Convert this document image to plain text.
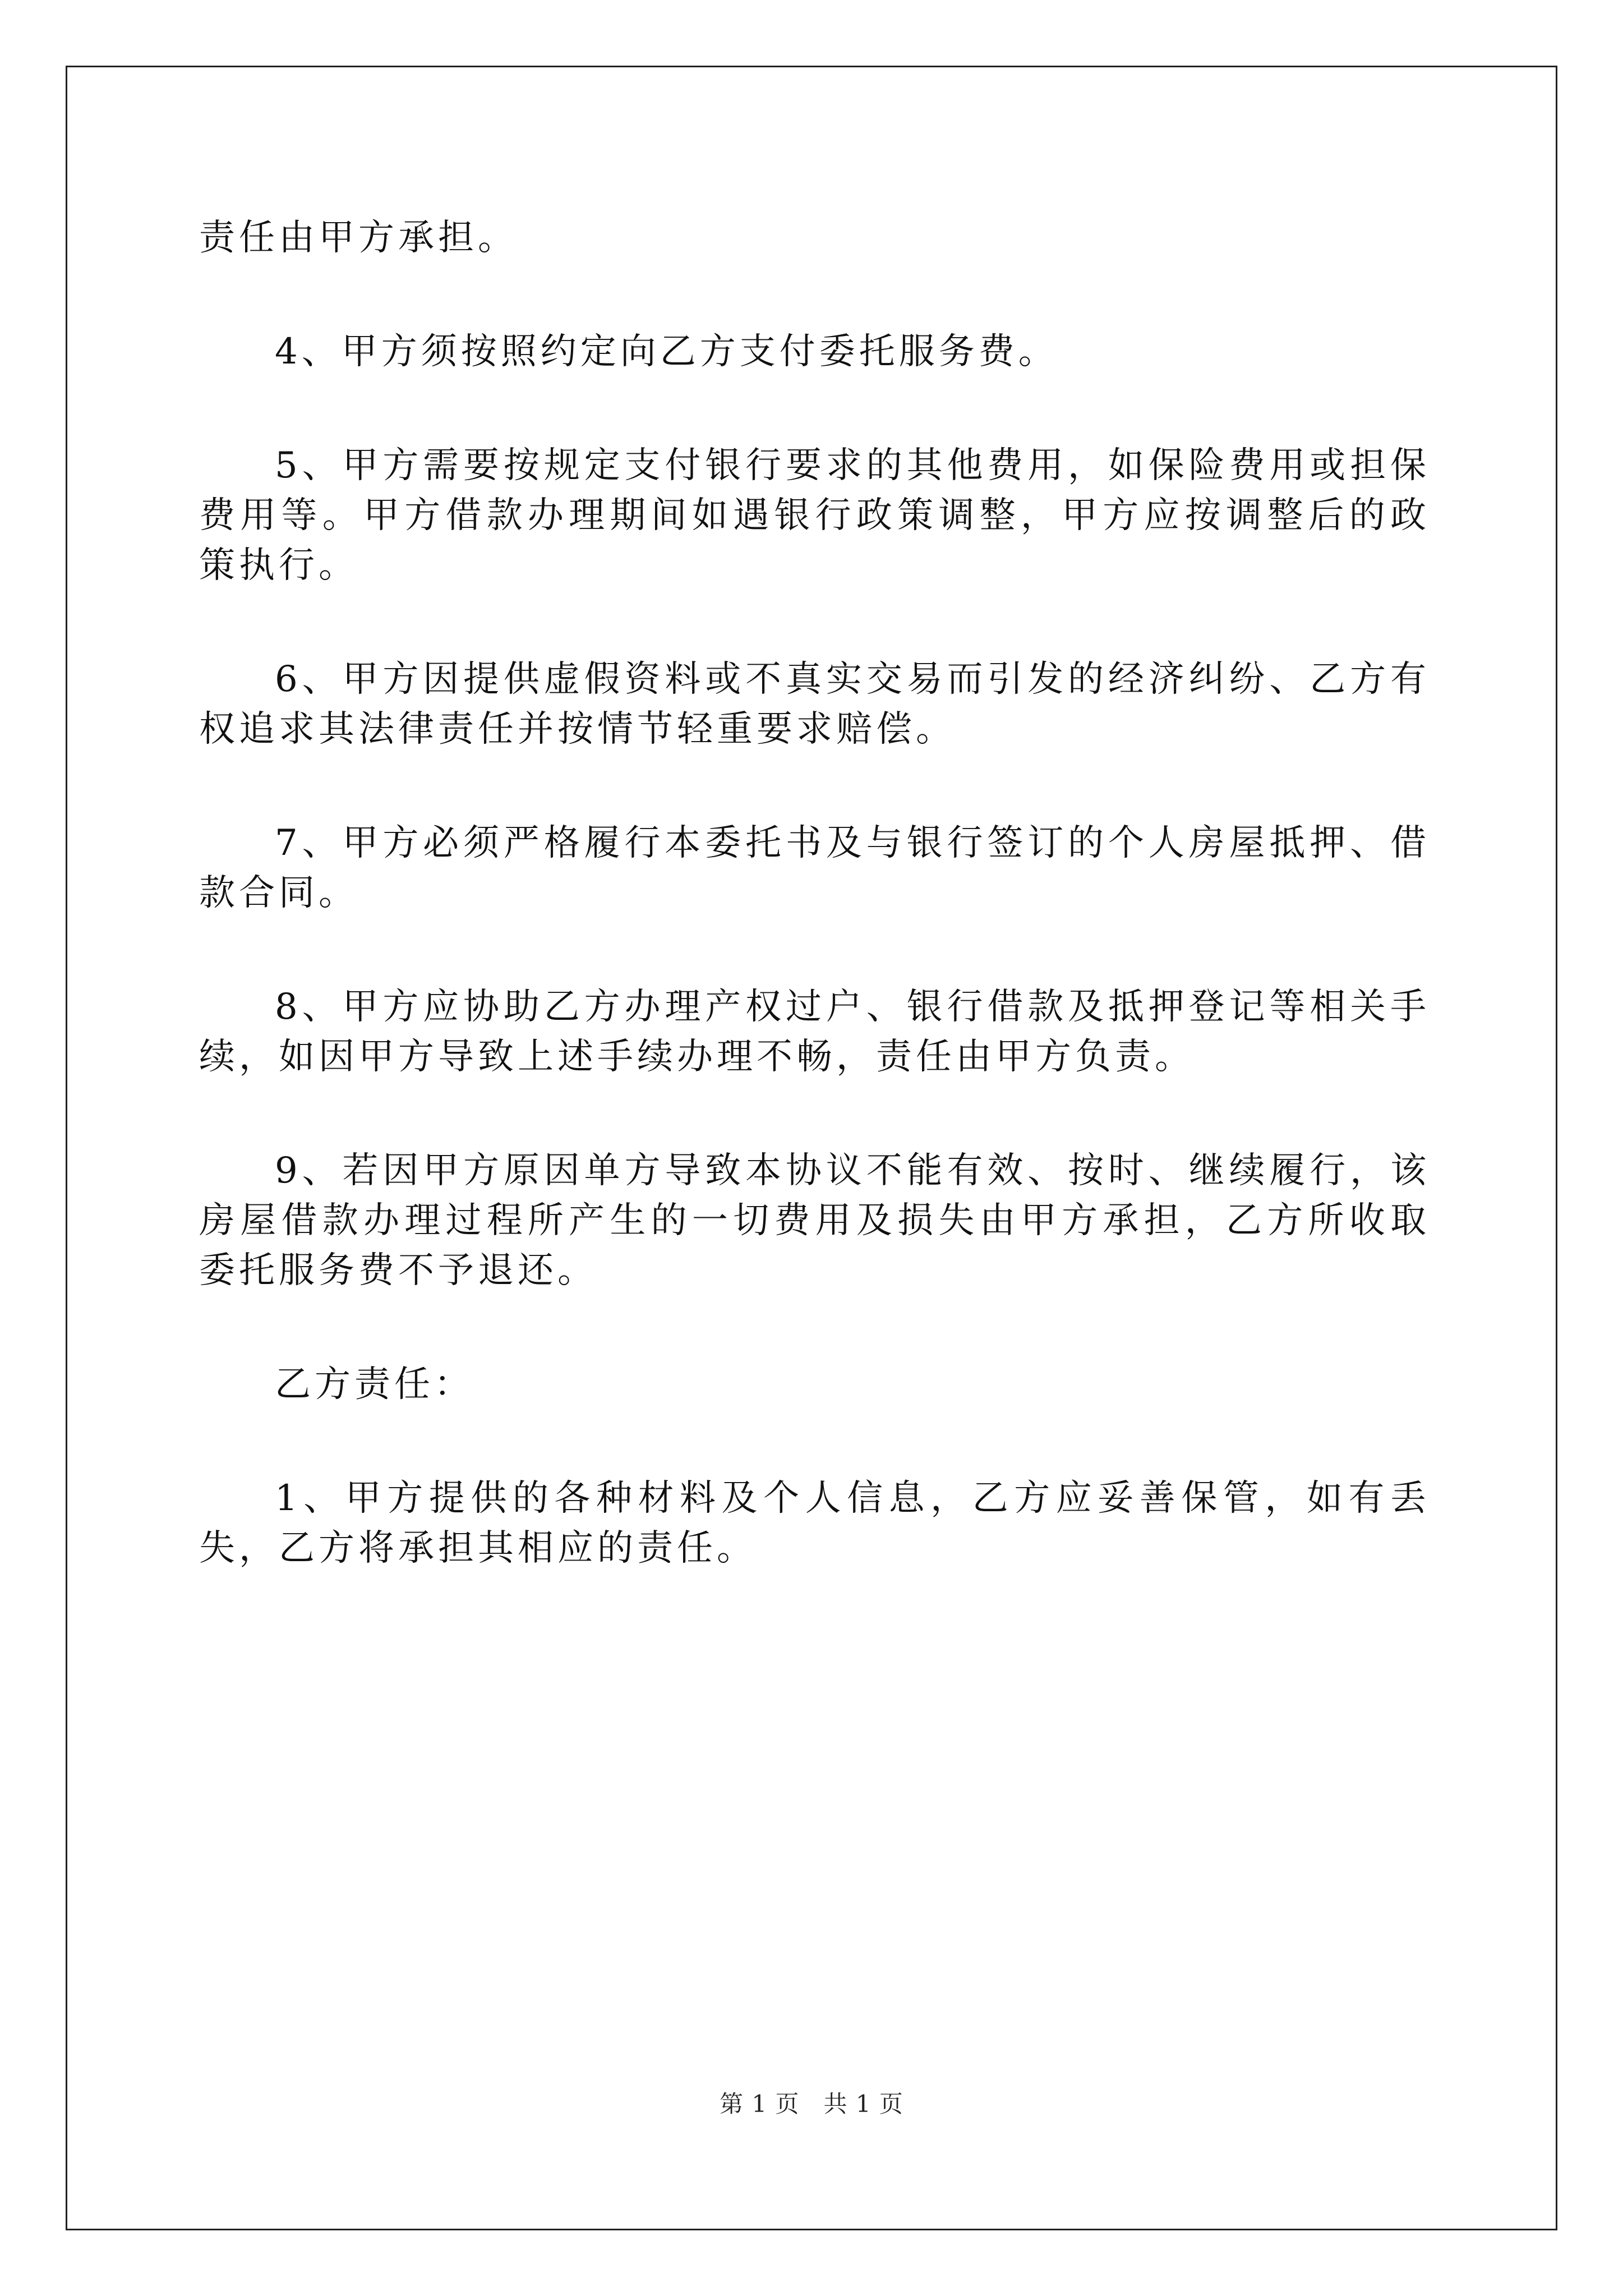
责任由甲方承担。

4、甲方须按照约定向乙方支付委托服务费。

5、甲方需要按规定支付银行要求的其他费用，如保险费用或担保费用等。甲方借款办理期间如遇银行政策调整，甲方应按调整后的政策执行。

6、甲方因提供虚假资料或不真实交易而引发的经济纠纷、乙方有权追求其法律责任并按情节轻重要求赔偿。

7、甲方必须严格履行本委托书及与银行签订的个人房屋抵押、借款合同。

8、甲方应协助乙方办理产权过户、银行借款及抵押登记等相关手续，如因甲方导致上述手续办理不畅，责任由甲方负责。

9、若因甲方原因单方导致本协议不能有效、按时、继续履行，该房屋借款办理过程所产生的一切费用及损失由甲方承担，乙方所收取委托服务费不予退还。

乙方责任：

1、甲方提供的各种材料及个人信息，乙方应妥善保管，如有丢失，乙方将承担其相应的责任。

第 1 页　共 1 页
